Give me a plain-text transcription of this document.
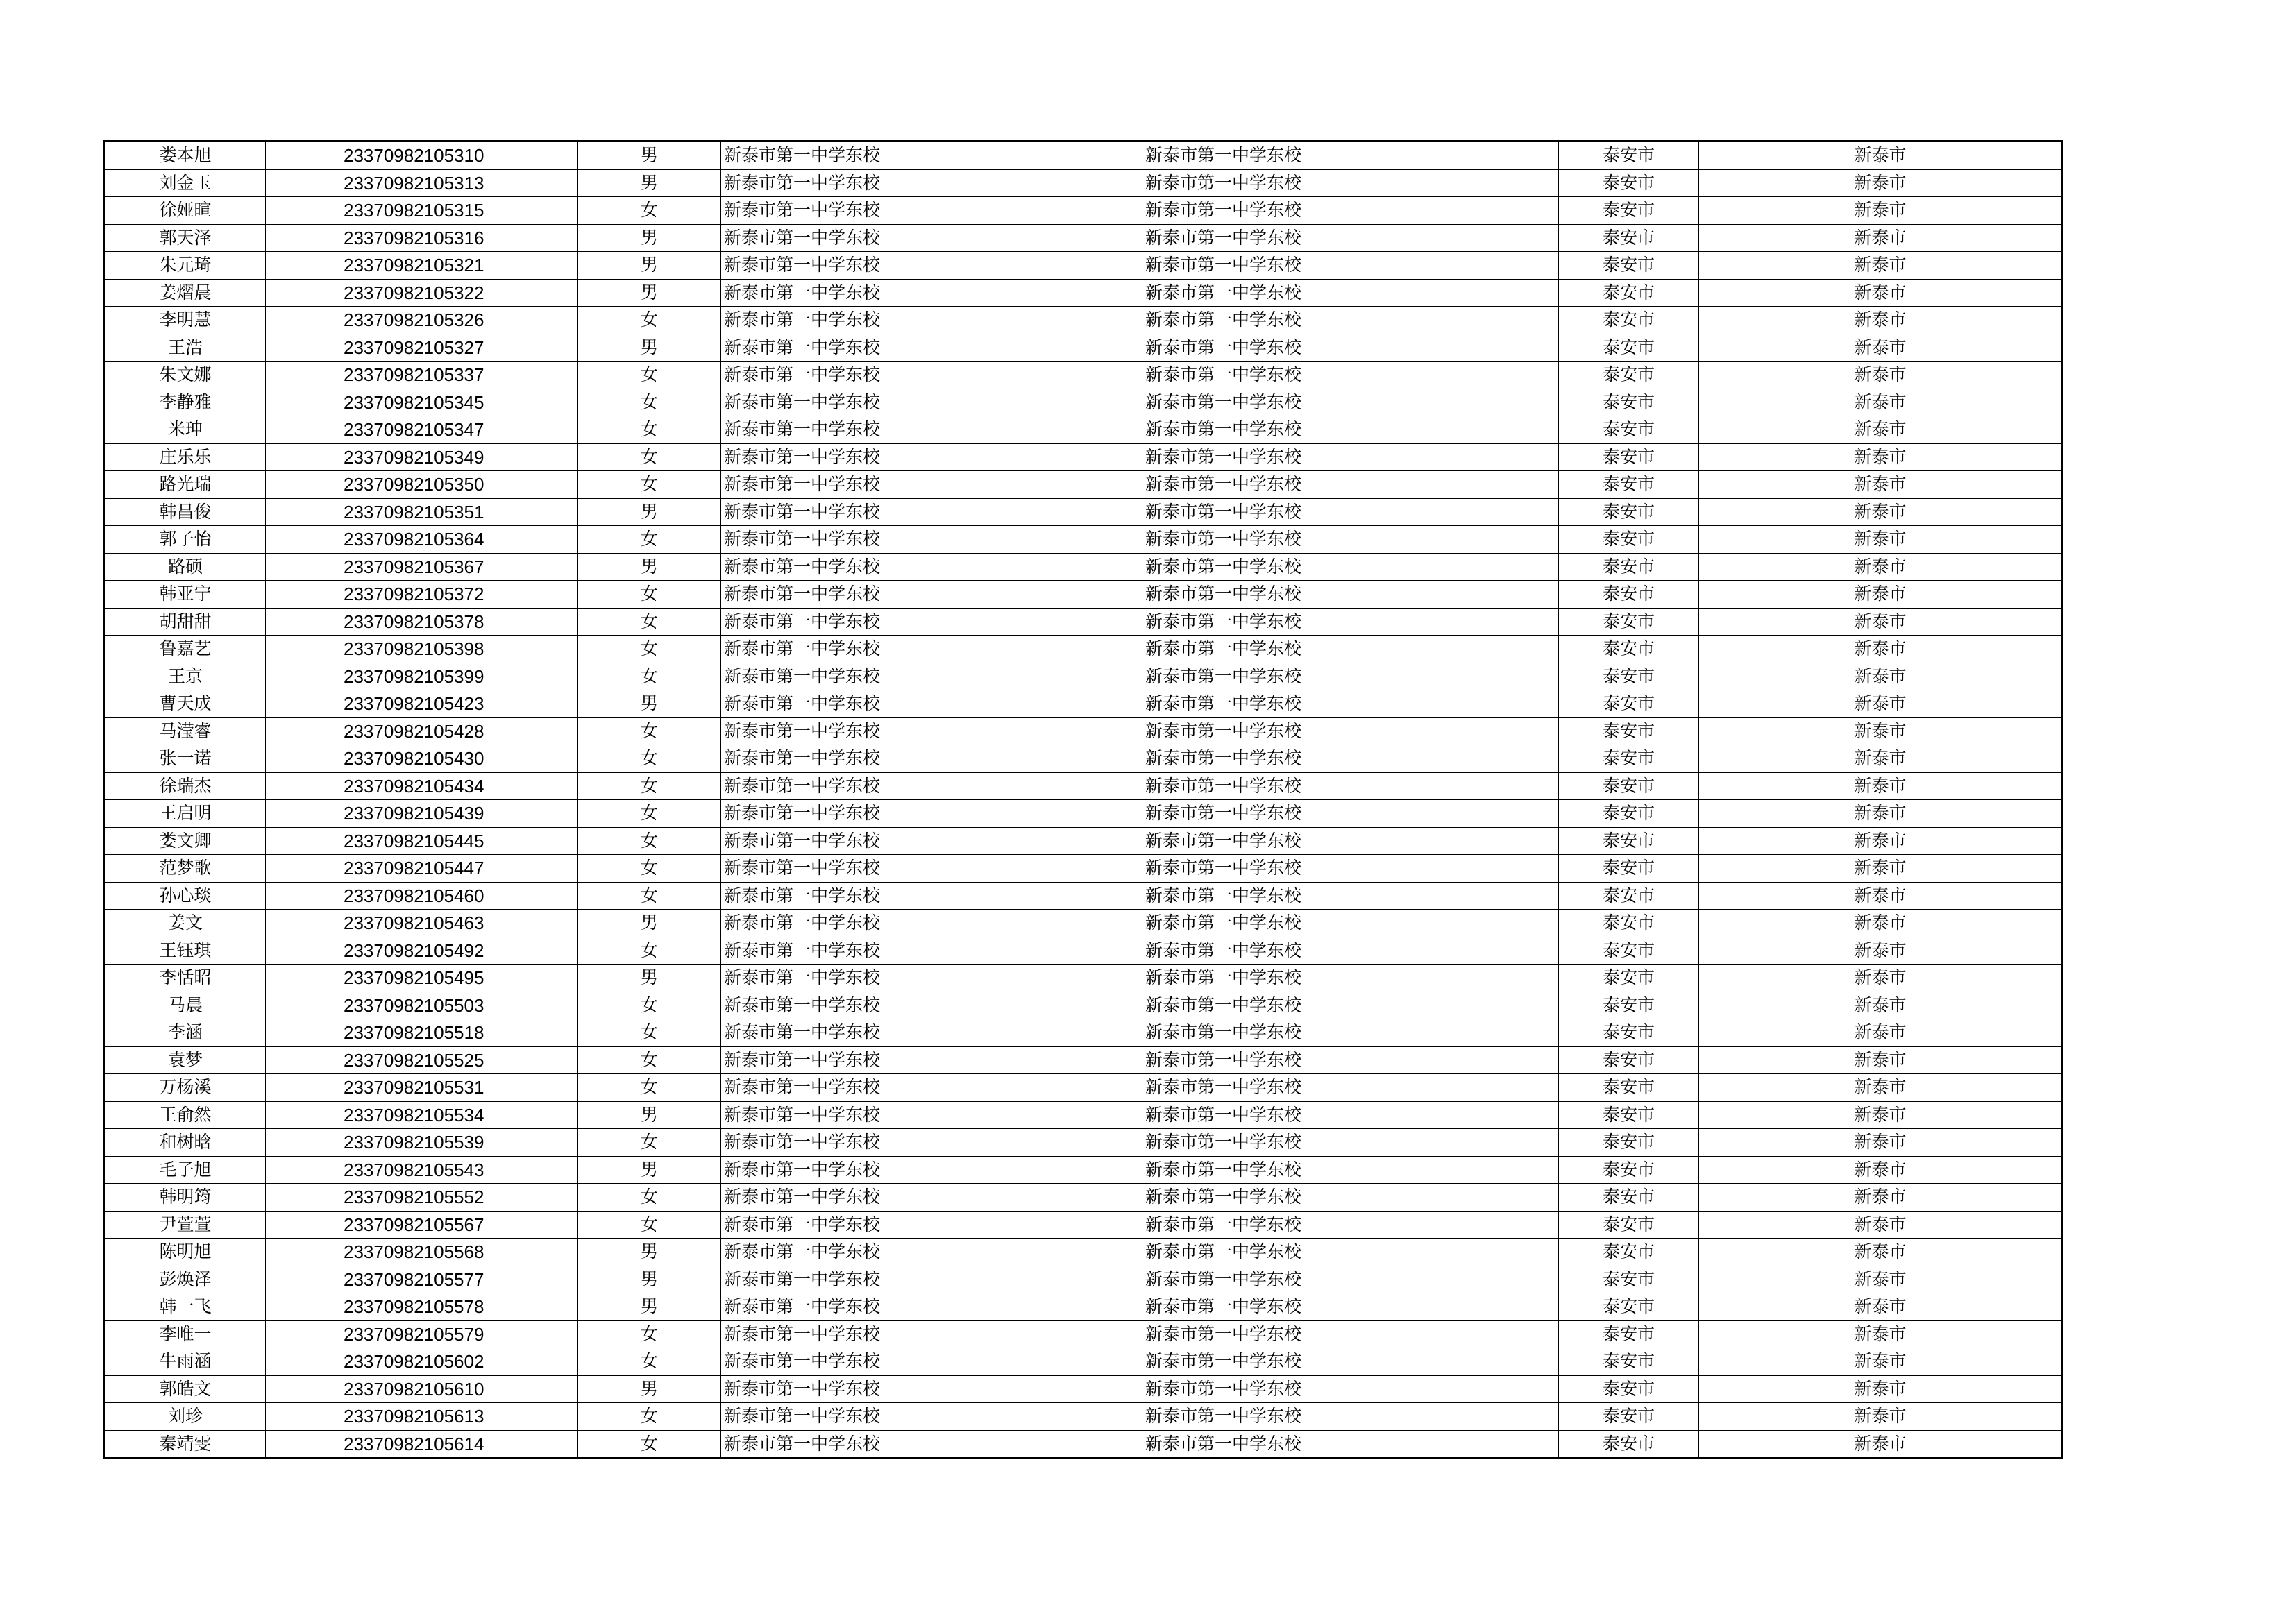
娄本旭	23370982105310	男	新泰市第一中学东校	新泰市第一中学东校	泰安市	新泰市
刘金玉	23370982105313	男	新泰市第一中学东校	新泰市第一中学东校	泰安市	新泰市
徐娅暄	23370982105315	女	新泰市第一中学东校	新泰市第一中学东校	泰安市	新泰市
郭天泽	23370982105316	男	新泰市第一中学东校	新泰市第一中学东校	泰安市	新泰市
朱元琦	23370982105321	男	新泰市第一中学东校	新泰市第一中学东校	泰安市	新泰市
姜熠晨	23370982105322	男	新泰市第一中学东校	新泰市第一中学东校	泰安市	新泰市
李明慧	23370982105326	女	新泰市第一中学东校	新泰市第一中学东校	泰安市	新泰市
王浩	23370982105327	男	新泰市第一中学东校	新泰市第一中学东校	泰安市	新泰市
朱文娜	23370982105337	女	新泰市第一中学东校	新泰市第一中学东校	泰安市	新泰市
李静雅	23370982105345	女	新泰市第一中学东校	新泰市第一中学东校	泰安市	新泰市
米珅	23370982105347	女	新泰市第一中学东校	新泰市第一中学东校	泰安市	新泰市
庄乐乐	23370982105349	女	新泰市第一中学东校	新泰市第一中学东校	泰安市	新泰市
路光瑞	23370982105350	女	新泰市第一中学东校	新泰市第一中学东校	泰安市	新泰市
韩昌俊	23370982105351	男	新泰市第一中学东校	新泰市第一中学东校	泰安市	新泰市
郭子怡	23370982105364	女	新泰市第一中学东校	新泰市第一中学东校	泰安市	新泰市
路硕	23370982105367	男	新泰市第一中学东校	新泰市第一中学东校	泰安市	新泰市
韩亚宁	23370982105372	女	新泰市第一中学东校	新泰市第一中学东校	泰安市	新泰市
胡甜甜	23370982105378	女	新泰市第一中学东校	新泰市第一中学东校	泰安市	新泰市
鲁嘉艺	23370982105398	女	新泰市第一中学东校	新泰市第一中学东校	泰安市	新泰市
王京	23370982105399	女	新泰市第一中学东校	新泰市第一中学东校	泰安市	新泰市
曹天成	23370982105423	男	新泰市第一中学东校	新泰市第一中学东校	泰安市	新泰市
马滢睿	23370982105428	女	新泰市第一中学东校	新泰市第一中学东校	泰安市	新泰市
张一诺	23370982105430	女	新泰市第一中学东校	新泰市第一中学东校	泰安市	新泰市
徐瑞杰	23370982105434	女	新泰市第一中学东校	新泰市第一中学东校	泰安市	新泰市
王启明	23370982105439	女	新泰市第一中学东校	新泰市第一中学东校	泰安市	新泰市
娄文卿	23370982105445	女	新泰市第一中学东校	新泰市第一中学东校	泰安市	新泰市
范梦歌	23370982105447	女	新泰市第一中学东校	新泰市第一中学东校	泰安市	新泰市
孙心琰	23370982105460	女	新泰市第一中学东校	新泰市第一中学东校	泰安市	新泰市
姜文	23370982105463	男	新泰市第一中学东校	新泰市第一中学东校	泰安市	新泰市
王钰琪	23370982105492	女	新泰市第一中学东校	新泰市第一中学东校	泰安市	新泰市
李恬昭	23370982105495	男	新泰市第一中学东校	新泰市第一中学东校	泰安市	新泰市
马晨	23370982105503	女	新泰市第一中学东校	新泰市第一中学东校	泰安市	新泰市
李涵	23370982105518	女	新泰市第一中学东校	新泰市第一中学东校	泰安市	新泰市
袁梦	23370982105525	女	新泰市第一中学东校	新泰市第一中学东校	泰安市	新泰市
万杨溪	23370982105531	女	新泰市第一中学东校	新泰市第一中学东校	泰安市	新泰市
王俞然	23370982105534	男	新泰市第一中学东校	新泰市第一中学东校	泰安市	新泰市
和树晗	23370982105539	女	新泰市第一中学东校	新泰市第一中学东校	泰安市	新泰市
毛子旭	23370982105543	男	新泰市第一中学东校	新泰市第一中学东校	泰安市	新泰市
韩明筠	23370982105552	女	新泰市第一中学东校	新泰市第一中学东校	泰安市	新泰市
尹萱萱	23370982105567	女	新泰市第一中学东校	新泰市第一中学东校	泰安市	新泰市
陈明旭	23370982105568	男	新泰市第一中学东校	新泰市第一中学东校	泰安市	新泰市
彭焕泽	23370982105577	男	新泰市第一中学东校	新泰市第一中学东校	泰安市	新泰市
韩一飞	23370982105578	男	新泰市第一中学东校	新泰市第一中学东校	泰安市	新泰市
李唯一	23370982105579	女	新泰市第一中学东校	新泰市第一中学东校	泰安市	新泰市
牛雨涵	23370982105602	女	新泰市第一中学东校	新泰市第一中学东校	泰安市	新泰市
郭皓文	23370982105610	男	新泰市第一中学东校	新泰市第一中学东校	泰安市	新泰市
刘珍	23370982105613	女	新泰市第一中学东校	新泰市第一中学东校	泰安市	新泰市
秦靖雯	23370982105614	女	新泰市第一中学东校	新泰市第一中学东校	泰安市	新泰市
